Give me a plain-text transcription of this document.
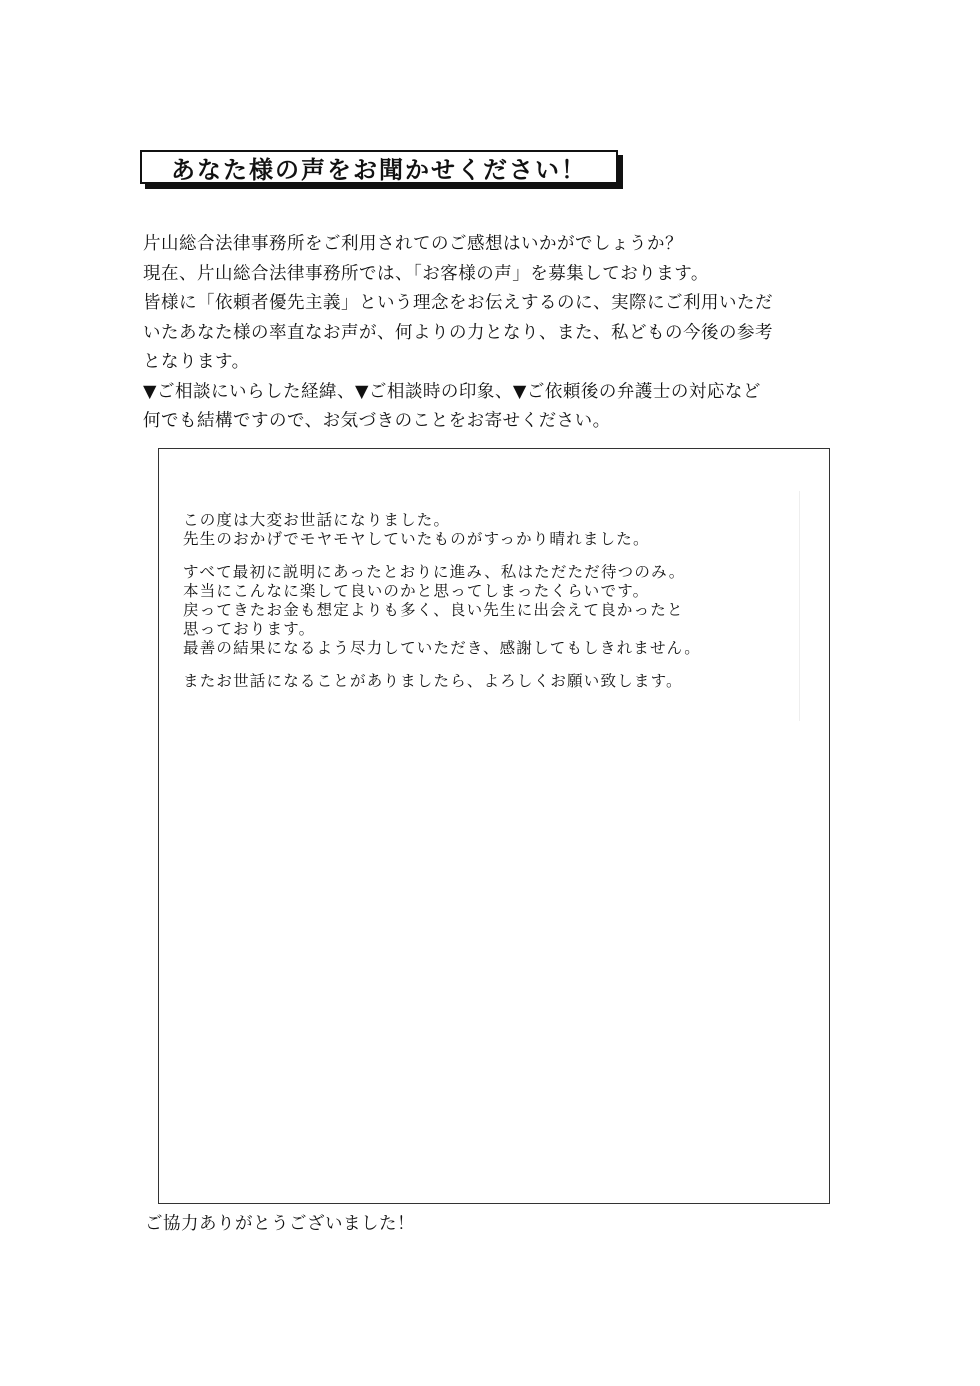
あなた様の声をお聞かせください！

片山総合法律事務所をご利用されてのご感想はいかがでしょうか？

現在、片山総合法律事務所では、「お客様の声」を募集しております。

皆様に「依頼者優先主義」という理念をお伝えするのに、実際にご利用いただ

いたあなた様の率直なお声が、何よりの力となり、また、私どもの今後の参考

となります。

▼ご相談にいらした経緯、▼ご相談時の印象、▼ご依頼後の弁護士の対応など

何でも結構ですので、お気づきのことをお寄せください。

この度は大変お世話になりました。

先生のおかげでモヤモヤしていたものがすっかり晴れました。

すべて最初に説明にあったとおりに進み、私はただただ待つのみ。

本当にこんなに楽して良いのかと思ってしまったくらいです。

戻ってきたお金も想定よりも多く、良い先生に出会えて良かったと

思っております。

最善の結果になるよう尽力していただき、感謝してもしきれません。

またお世話になることがありましたら、よろしくお願い致します。

ご協力ありがとうございました！
